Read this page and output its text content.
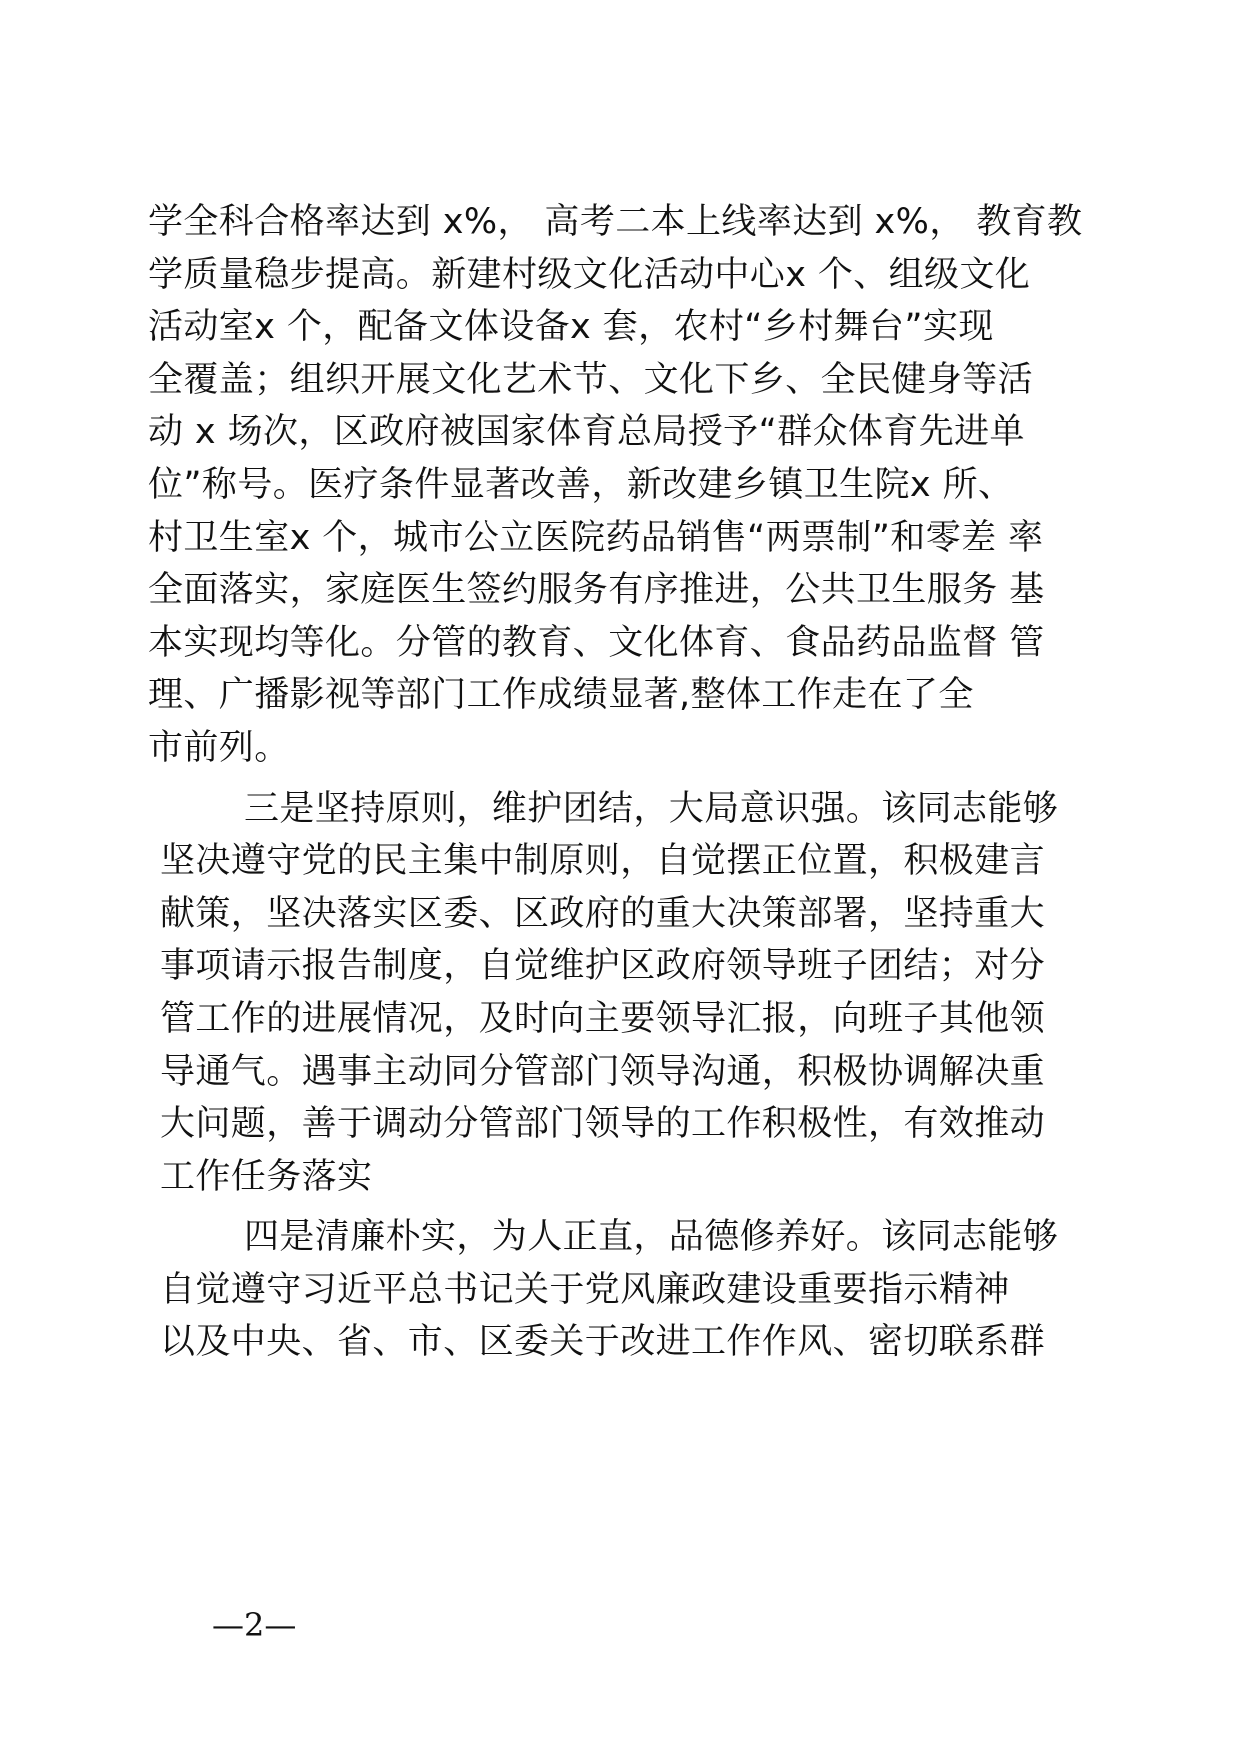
学全科合格率达到 x%， 高考二本上线率达到 x%， 教育教
学质量稳步提高。新建村级文化活动中心x 个、组级文化
活动室x 个，配备文体设备x 套，农村“乡村舞台”实现
全覆盖；组织开展文化艺术节、文化下乡、全民健身等活
动 x 场次，区政府被国家体育总局授予“群众体育先进单
位”称号。医疗条件显著改善，新改建乡镇卫生院x 所、
村卫生室x 个，城市公立医院药品销售“两票制”和零差 率
全面落实，家庭医生签约服务有序推进，公共卫生服务 基
本实现均等化。分管的教育、文化体育、食品药品监督 管
理、广播影视等部门工作成绩显著,整体工作走在了全
市前列。
三是坚持原则，维护团结，大局意识强。该同志能够
坚决遵守党的民主集中制原则，自觉摆正位置，积极建言
献策，坚决落实区委、区政府的重大决策部署，坚持重大
事项请示报告制度，自觉维护区政府领导班子团结；对分
管工作的进展情况，及时向主要领导汇报，向班子其他领
导通气。遇事主动同分管部门领导沟通，积极协调解决重
大问题，善于调动分管部门领导的工作积极性，有效推动
工作任务落实
四是清廉朴实，为人正直，品德修养好。该同志能够
自觉遵守习近平总书记关于党风廉政建设重要指示精神
以及中央、省、市、区委关于改进工作作风、密切联系群
—2—
